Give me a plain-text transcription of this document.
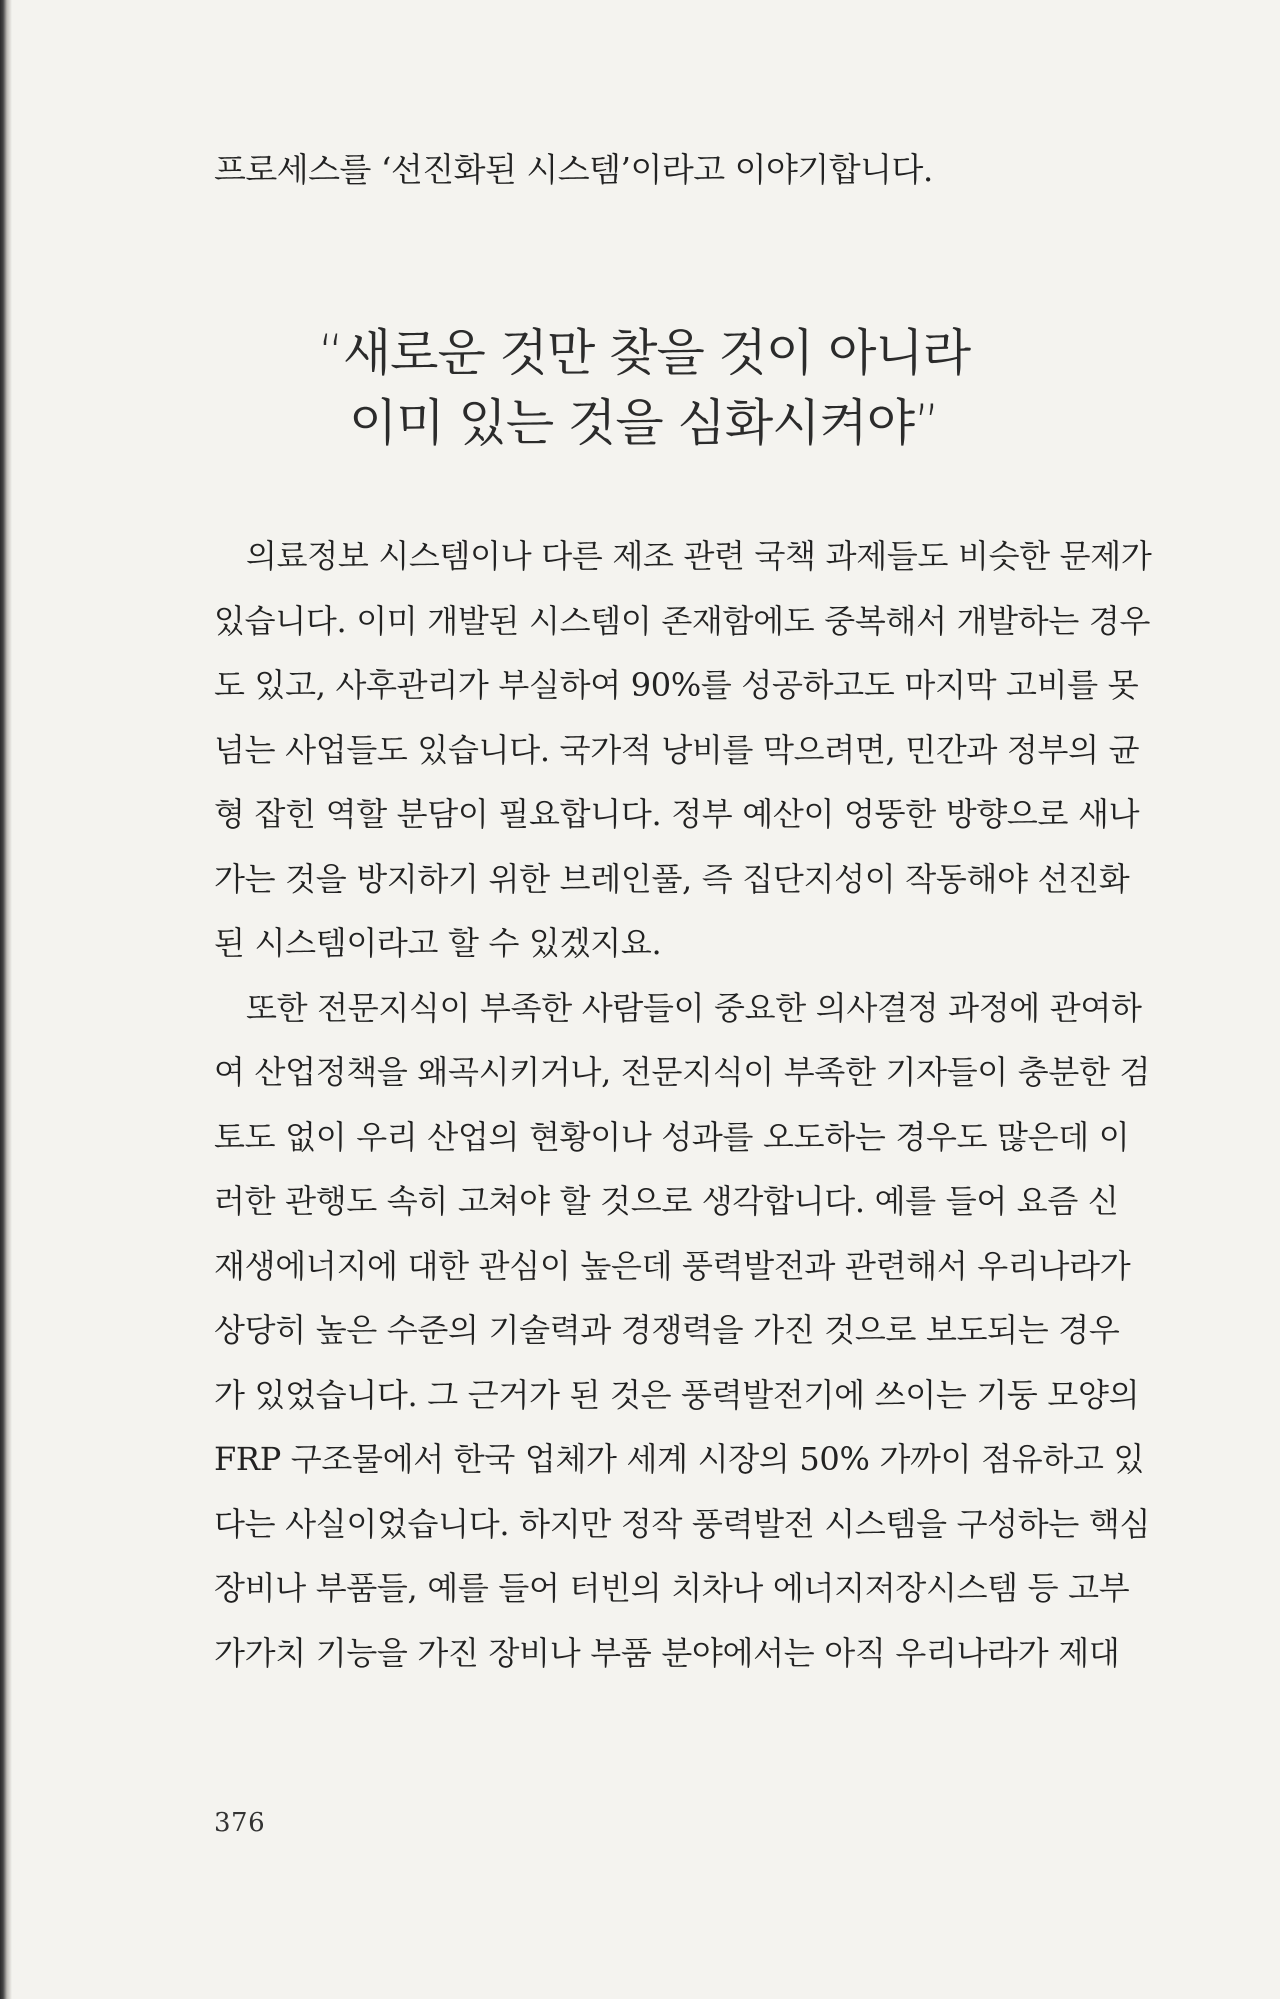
프로세스를 ‘선진화된 시스템’이라고 이야기합니다.
“새로운 것만 찾을 것이 아니라
이미 있는 것을 심화시켜야”

의료정보 시스템이나 다른 제조 관련 국책 과제들도 비슷한 문제가
있습니다. 이미 개발된 시스템이 존재함에도 중복해서 개발하는 경우
도 있고, 사후관리가 부실하여 90%를 성공하고도 마지막 고비를 못
넘는 사업들도 있습니다. 국가적 낭비를 막으려면, 민간과 정부의 균
형 잡힌 역할 분담이 필요합니다. 정부 예산이 엉뚱한 방향으로 새나
가는 것을 방지하기 위한 브레인풀, 즉 집단지성이 작동해야 선진화
된 시스템이라고 할 수 있겠지요.

또한 전문지식이 부족한 사람들이 중요한 의사결정 과정에 관여하
여 산업정책을 왜곡시키거나, 전문지식이 부족한 기자들이 충분한 검
토도 없이 우리 산업의 현황이나 성과를 오도하는 경우도 많은데 이
러한 관행도 속히 고쳐야 할 것으로 생각합니다. 예를 들어 요즘 신
재생에너지에 대한 관심이 높은데 풍력발전과 관련해서 우리나라가
상당히 높은 수준의 기술력과 경쟁력을 가진 것으로 보도되는 경우
가 있었습니다. 그 근거가 된 것은 풍력발전기에 쓰이는 기둥 모양의
FRP 구조물에서 한국 업체가 세계 시장의 50% 가까이 점유하고 있
다는 사실이었습니다. 하지만 정작 풍력발전 시스템을 구성하는 핵심
장비나 부품들, 예를 들어 터빈의 치차나 에너지저장시스템 등 고부
가가치 기능을 가진 장비나 부품 분야에서는 아직 우리나라가 제대

376
